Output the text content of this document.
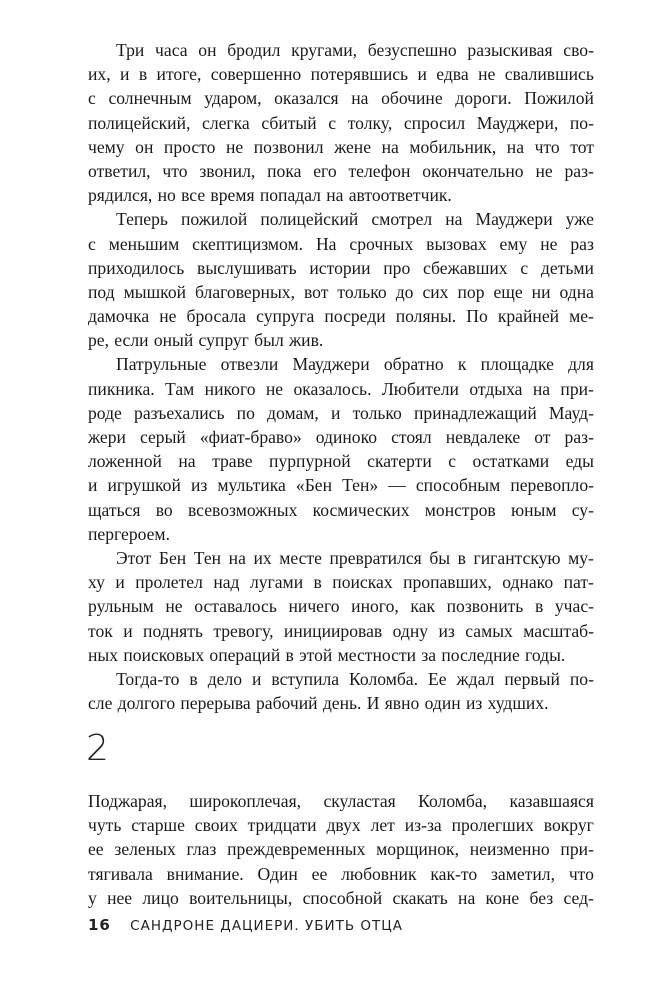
Три часа он бродил кругами, безуспешно разыскивая сво-
их, и в итоге, совершенно потерявшись и едва не свалившись
с солнечным ударом, оказался на обочине дороги. Пожилой
полицейский, слегка сбитый с толку, спросил Мауджери, по-
чему он просто не позвонил жене на мобильник, на что тот
ответил, что звонил, пока его телефон окончательно не раз-
рядился, но все время попадал на автоответчик.
Теперь пожилой полицейский смотрел на Мауджери уже
с меньшим скептицизмом. На срочных вызовах ему не раз
приходилось выслушивать истории про сбежавших с детьми
под мышкой благоверных, вот только до сих пор еще ни одна
дамочка не бросала супруга посреди поляны. По крайней ме-
ре, если оный супруг был жив.
Патрульные отвезли Мауджери обратно к площадке для
пикника. Там никого не оказалось. Любители отдыха на при-
роде разъехались по домам, и только принадлежащий Мауд-
жери серый «фиат-браво» одиноко стоял невдалеке от раз-
ложенной на траве пурпурной скатерти с остатками еды
и игрушкой из мультика «Бен Тен» — способным перевопло-
щаться во всевозможных космических монстров юным су-
пергероем.
Этот Бен Тен на их месте превратился бы в гигантскую му-
ху и пролетел над лугами в поисках пропавших, однако пат-
рульным не оставалось ничего иного, как позвонить в учас-
ток и поднять тревогу, инициировав одну из самых масштаб-
ных поисковых операций в этой местности за последние годы.
Тогда-то в дело и вступила Коломба. Ее ждал первый по-
сле долгого перерыва рабочий день. И явно один из худших.
2
Поджарая, широкоплечая, скуластая Коломба, казавшаяся
чуть старше своих тридцати двух лет из-за пролегших вокруг
ее зеленых глаз преждевременных морщинок, неизменно при-
тягивала внимание. Один ее любовник как-то заметил, что
у нее лицо воительницы, способной скакать на коне без сед-
16 САНДРОНЕ ДАЦИЕРИ. УБИТЬ ОТЦА
